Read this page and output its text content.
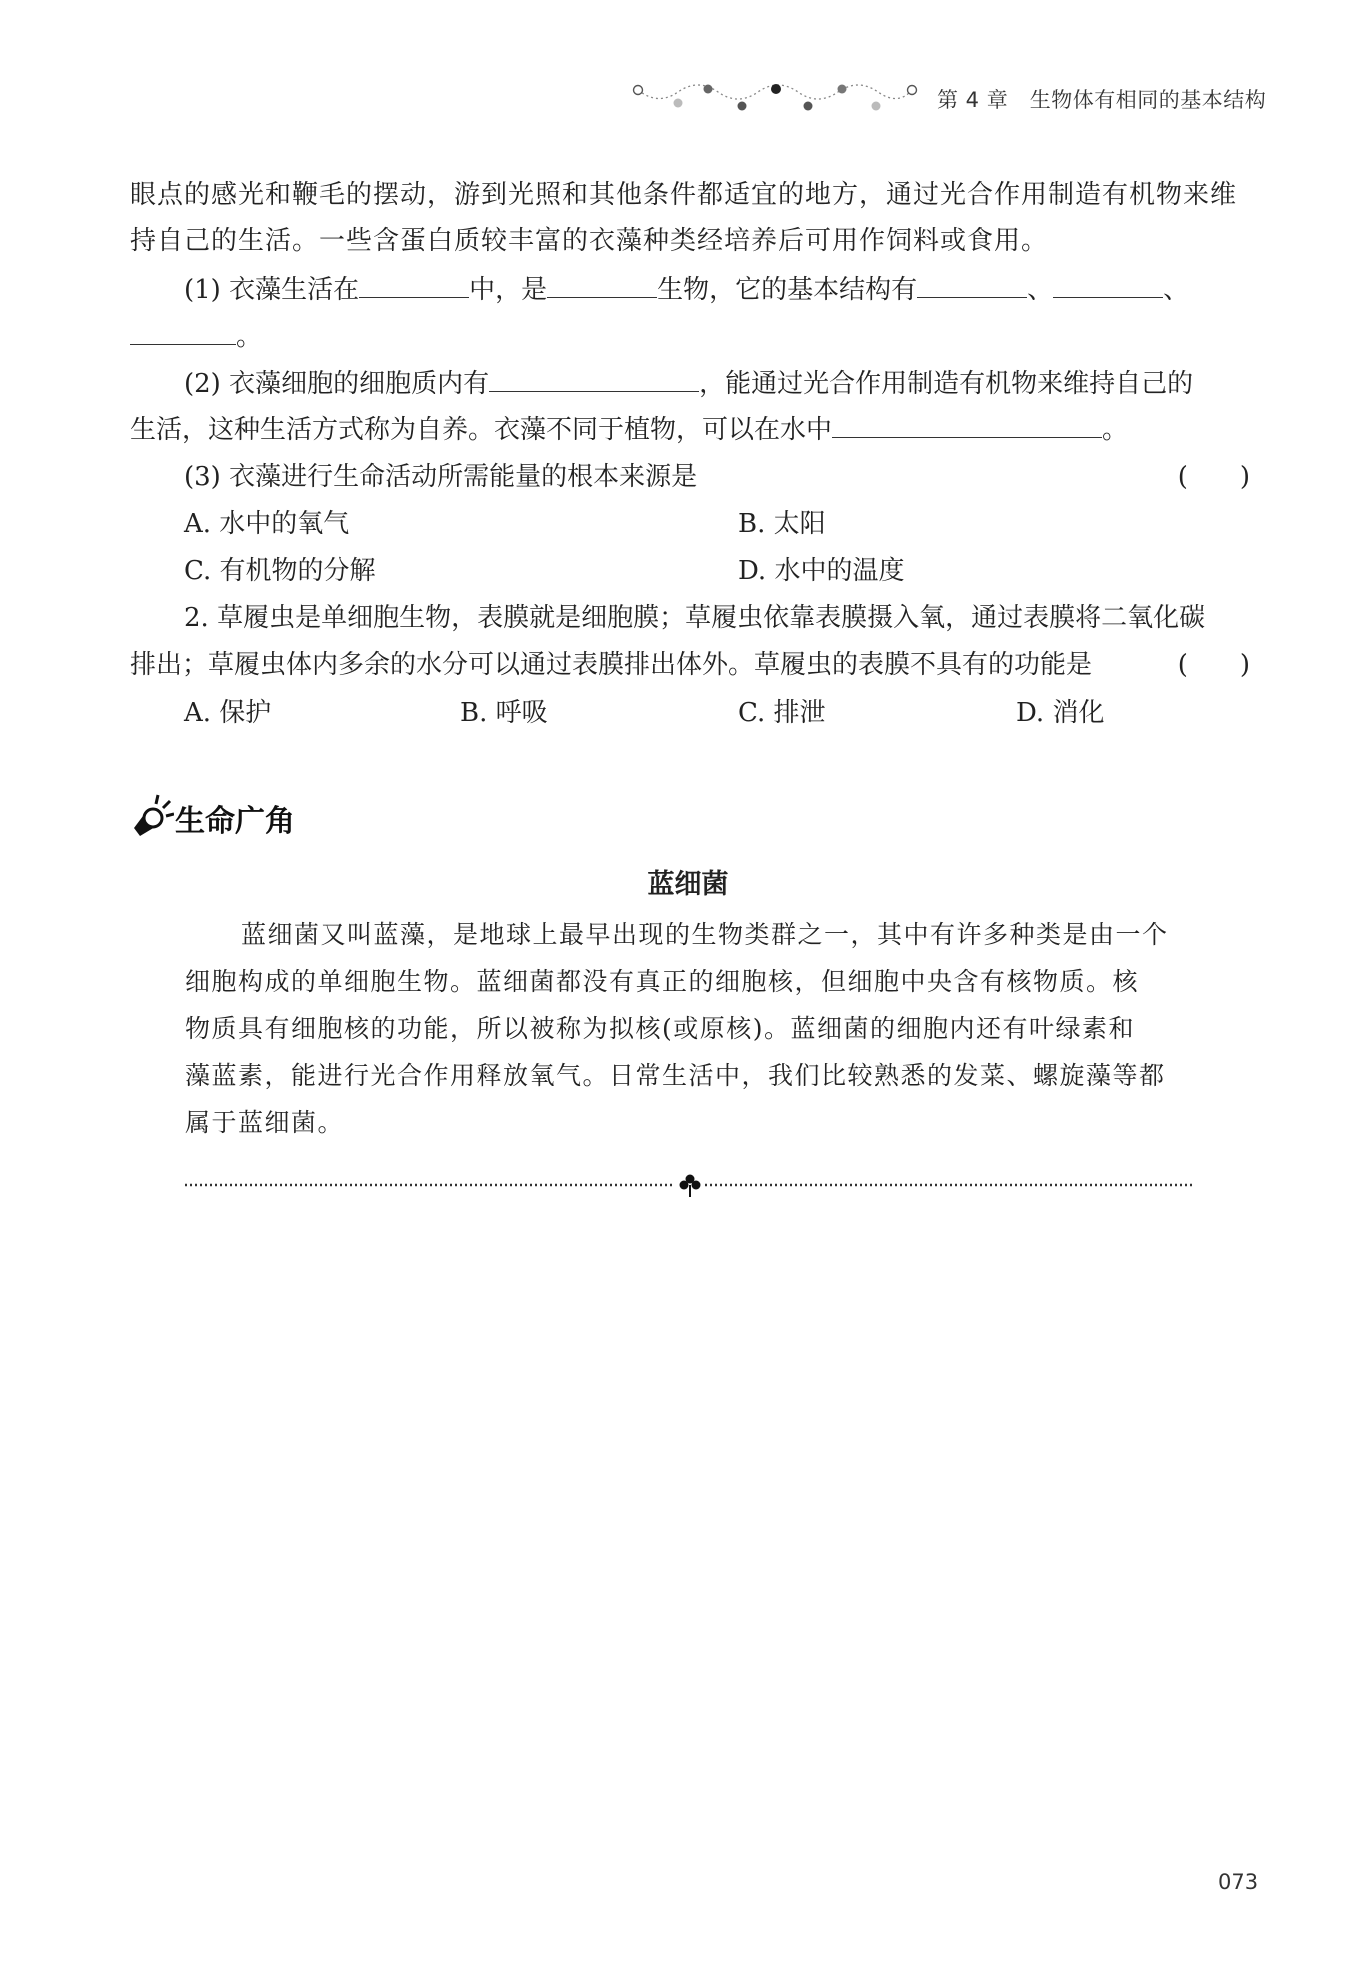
第 4 章 生物体有相同的基本结构
眼点的感光和鞭毛的摆动，游到光照和其他条件都适宜的地方，通过光合作用制造有机物来维
持自己的生活。一些含蛋白质较丰富的衣藻种类经培养后可用作饲料或食用。
(1) 衣藻生活在	中，是	生物，它的基本结构有	、	、
。
(2) 衣藻细胞的细胞质内有	，能通过光合作用制造有机物来维持自己的
生活，这种生活方式称为自养。衣藻不同于植物，可以在水中	。
(3) 衣藻进行生命活动所需能量的根本来源是	(　　)
A. 水中的氧气	B. 太阳
C. 有机物的分解	D. 水中的温度
2. 草履虫是单细胞生物，表膜就是细胞膜；草履虫依靠表膜摄入氧，通过表膜将二氧化碳
排出；草履虫体内多余的水分可以通过表膜排出体外。草履虫的表膜不具有的功能是	(　　)
A. 保护	B. 呼吸	C. 排泄	D. 消化
生命广角
蓝细菌
蓝细菌又叫蓝藻，是地球上最早出现的生物类群之一，其中有许多种类是由一个
细胞构成的单细胞生物。蓝细菌都没有真正的细胞核，但细胞中央含有核物质。核
物质具有细胞核的功能，所以被称为拟核(或原核)。蓝细菌的细胞内还有叶绿素和
藻蓝素，能进行光合作用释放氧气。日常生活中，我们比较熟悉的发菜、螺旋藻等都
属于蓝细菌。
073
